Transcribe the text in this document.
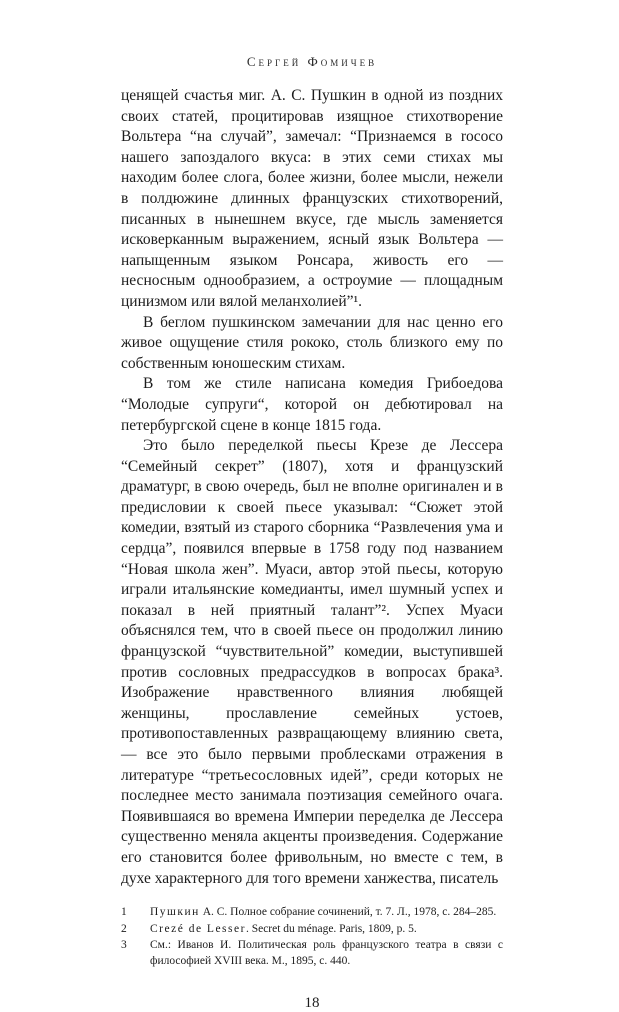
Сергей Фомичев

ценящей счастья миг. А. С. Пушкин в одной из поздних своих статей, процитировав изящное стихотворение Вольтера “на случай”, замечал: “Признаемся в rococo нашего запоздалого вкуса: в этих семи стихах мы находим более слога, более жизни, более мысли, нежели в полдюжине длинных французских стихотворений, писанных в нынешнем вкусе, где мысль заменяется исковерканным выражением, ясный язык Вольтера — напыщенным языком Ронсара, живость его — несносным однообразием, а остроумие — площадным цинизмом или вялой меланхолией”¹.

В беглом пушкинском замечании для нас ценно его живое ощущение стиля рококо, столь близкого ему по собственным юношеским стихам.

В том же стиле написана комедия Грибоедова “Молодые супруги“, которой он дебютировал на петербургской сцене в конце 1815 года.

Это было переделкой пьесы Крезе де Лессера “Семейный секрет” (1807), хотя и французский драматург, в свою очередь, был не вполне оригинален и в предисловии к своей пьесе указывал: “Сюжет этой комедии, взятый из старого сборника “Развлечения ума и сердца”, появился впервые в 1758 году под названием “Новая школа жен”. Муаси, автор этой пьесы, которую играли итальянские комедианты, имел шумный успех и показал в ней приятный талант”². Успех Муаси объяснялся тем, что в своей пьесе он продолжил линию французской “чувствительной” комедии, выступившей против сословных предрассудков в вопросах брака³. Изображение нравственного влияния любящей женщины, прославление семейных устоев, противопоставленных развращающему влиянию света, — все это было первыми проблесками отражения в литературе “третьесословных идей”, среди которых не последнее место занимала поэтизация семейного очага. Появившаяся во времена Империи переделка де Лессера существенно меняла акценты произведения. Содержание его становится более фривольным, но вместе с тем, в духе характерного для того времени ханжества, писатель

1	Пушкин А. С. Полное собрание сочинений, т. 7. Л., 1978, с. 284–285.
2	Crezé de Lesser. Secret du ménage. Paris, 1809, p. 5.
3	См.: Иванов И. Политическая роль французского театра в связи с философией XVIII века. М., 1895, с. 440.
18
